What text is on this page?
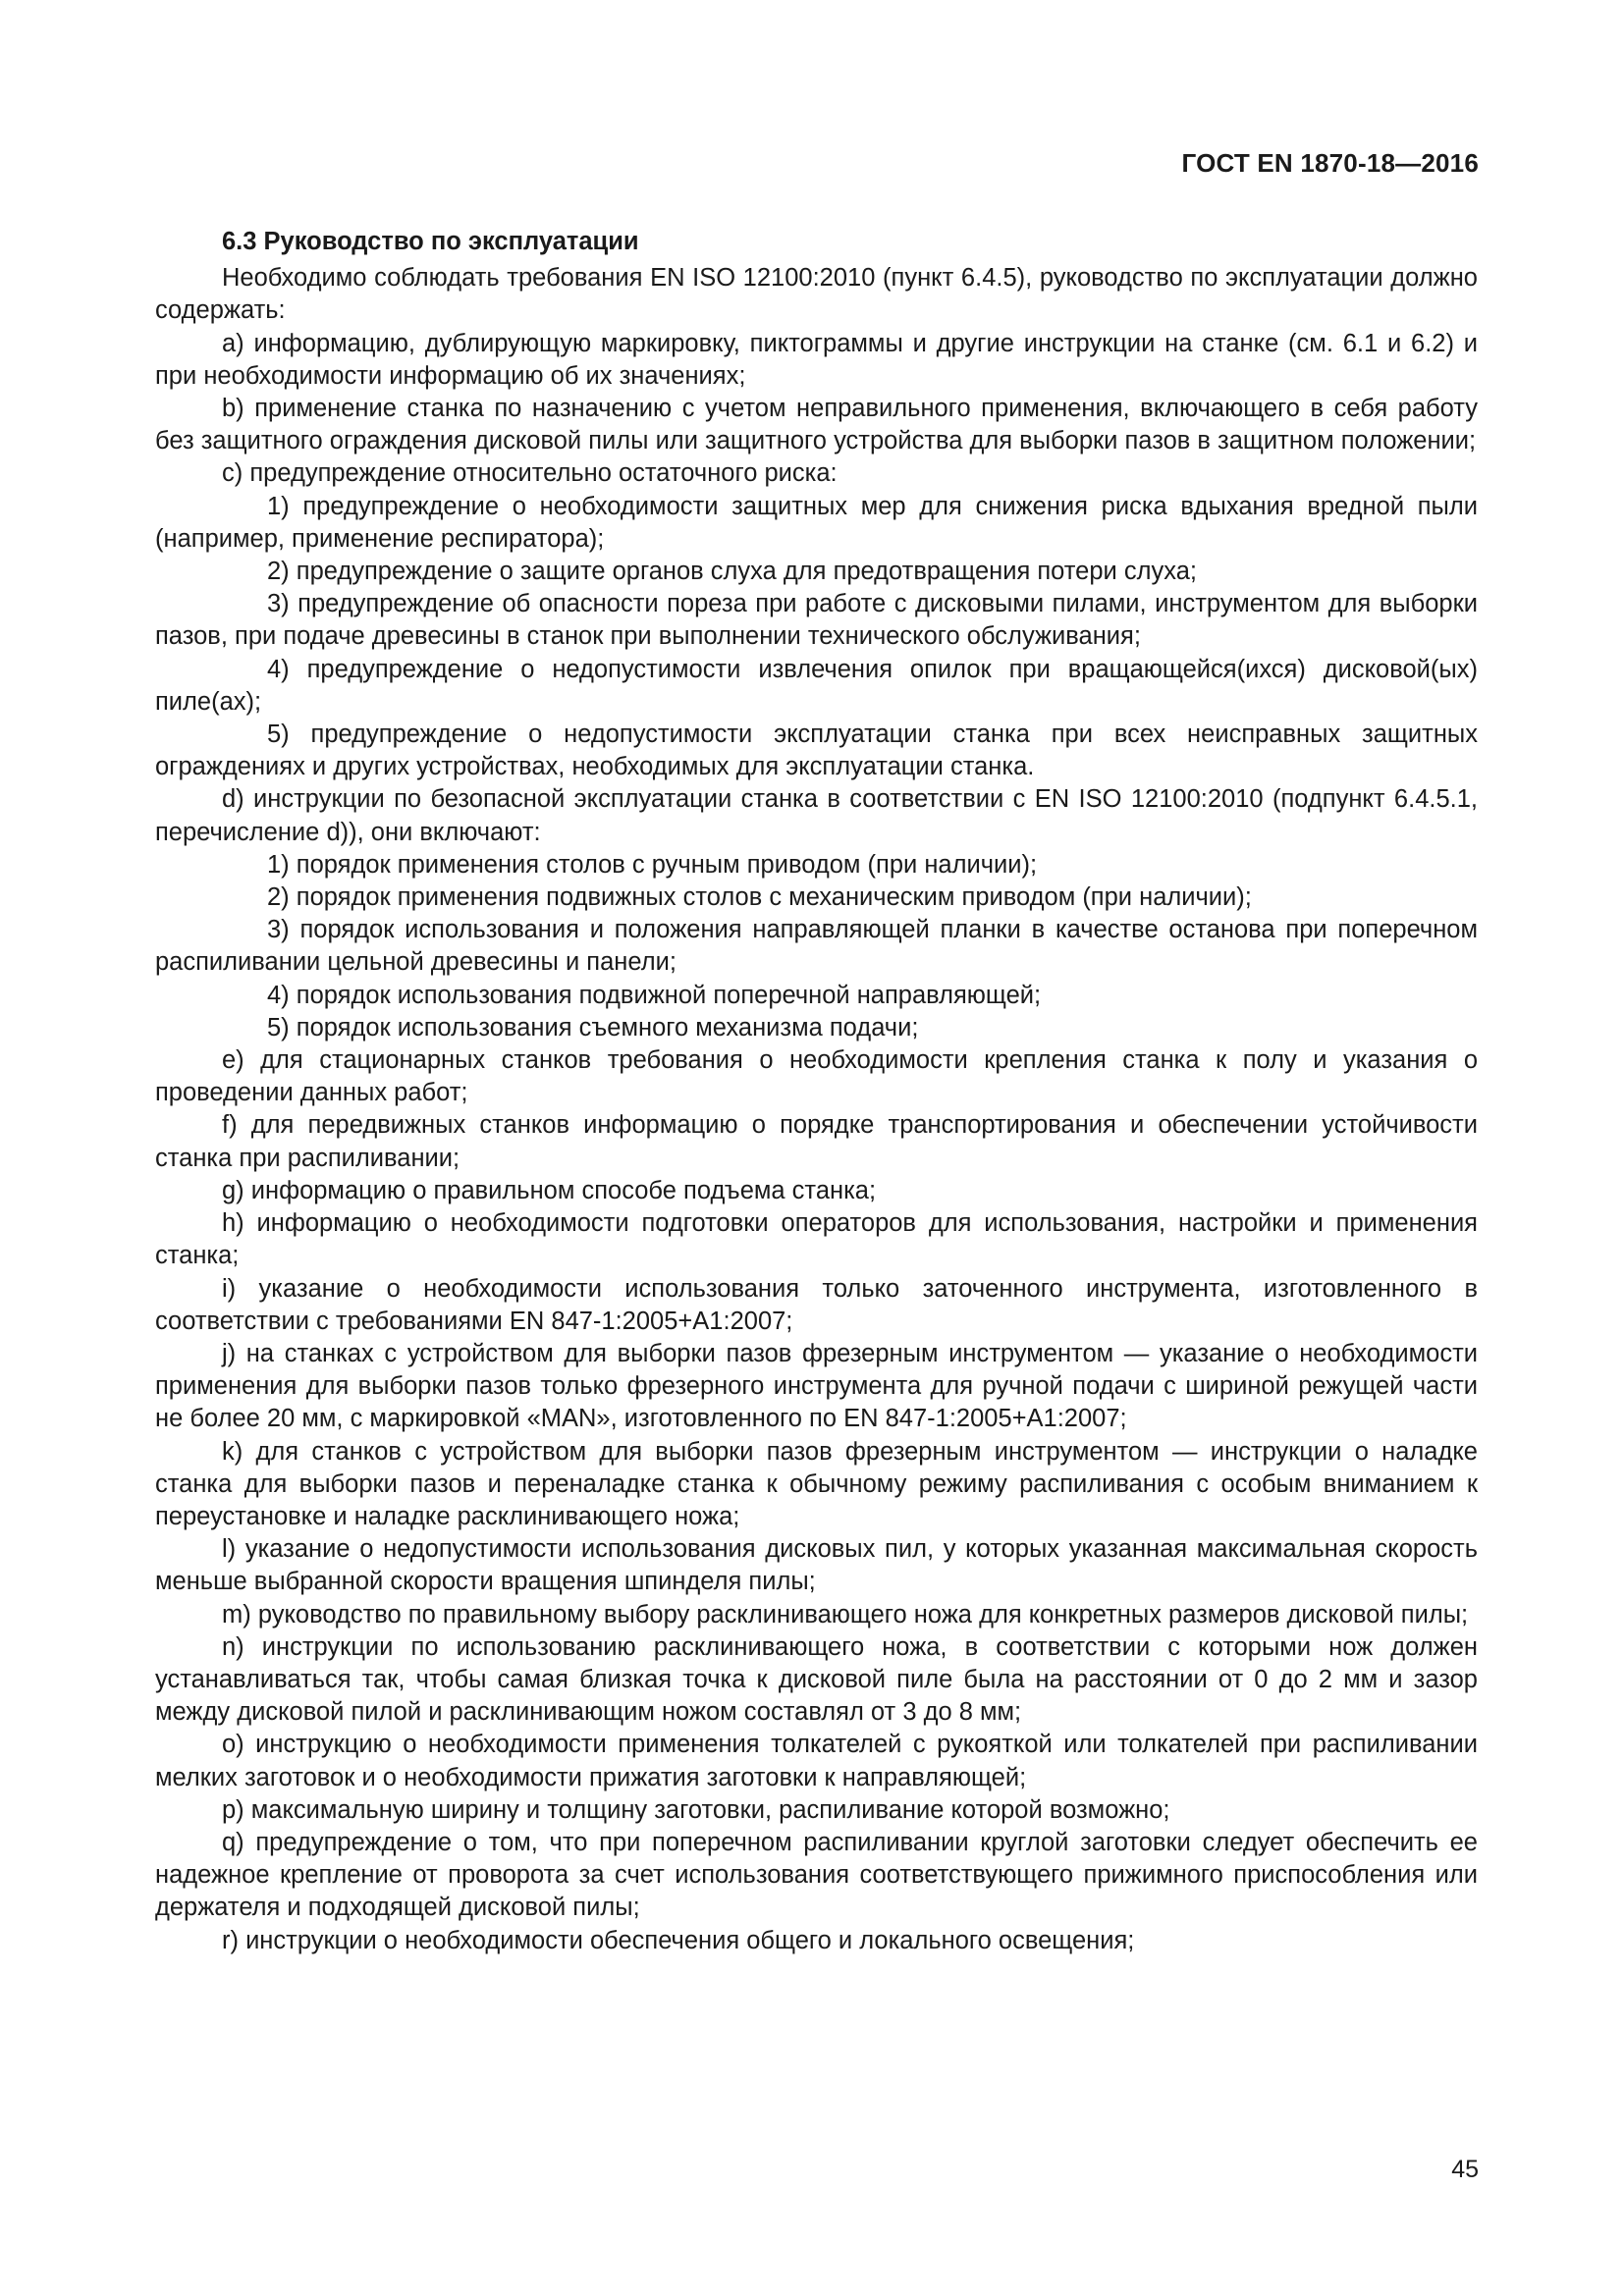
ГОСТ EN 1870-18—2016
6.3 Руководство по эксплуатации

Необходимо соблюдать требования EN ISO 12100:2010 (пункт 6.4.5), руководство по эксплуатации должно содержать:

a) информацию, дублирующую маркировку, пиктограммы и другие инструкции на станке (см. 6.1 и 6.2) и при необходимости информацию об их значениях;

b) применение станка по назначению с учетом неправильного применения, включающего в себя работу без защитного ограждения дисковой пилы или защитного устройства для выборки пазов в защитном положении;

c) предупреждение относительно остаточного риска:

1) предупреждение о необходимости защитных мер для снижения риска вдыхания вредной пыли (например, применение респиратора);

2) предупреждение о защите органов слуха для предотвращения потери слуха;

3) предупреждение об опасности пореза при работе с дисковыми пилами, инструментом для выборки пазов, при подаче древесины в станок при выполнении технического обслуживания;

4) предупреждение о недопустимости извлечения опилок при вращающейся(ихся) дисковой(ых) пиле(ах);

5) предупреждение о недопустимости эксплуатации станка при всех неисправных защитных ограждениях и других устройствах, необходимых для эксплуатации станка.

d) инструкции по безопасной эксплуатации станка в соответствии с EN ISO 12100:2010 (подпункт 6.4.5.1, перечисление d)), они включают:

1) порядок применения столов с ручным приводом (при наличии);

2) порядок применения подвижных столов с механическим приводом (при наличии);

3) порядок использования и положения направляющей планки в качестве останова при поперечном распиливании цельной древесины и панели;

4) порядок использования подвижной поперечной направляющей;

5) порядок использования съемного механизма подачи;

e) для стационарных станков требования о необходимости крепления станка к полу и указания о проведении данных работ;

f) для передвижных станков информацию о порядке транспортирования и обеспечении устойчивости станка при распиливании;

g) информацию о правильном способе подъема станка;

h) информацию о необходимости подготовки операторов для использования, настройки и применения станка;

i) указание о необходимости использования только заточенного инструмента, изготовленного в соответствии с требованиями EN 847-1:2005+A1:2007;

j) на станках с устройством для выборки пазов фрезерным инструментом — указание о необходимости применения для выборки пазов только фрезерного инструмента для ручной подачи с шириной режущей части не более 20 мм, с маркировкой «MAN», изготовленного по EN 847-1:2005+A1:2007;

k) для станков с устройством для выборки пазов фрезерным инструментом — инструкции о наладке станка для выборки пазов и переналадке станка к обычному режиму распиливания с особым вниманием к переустановке и наладке расклинивающего ножа;

l) указание о недопустимости использования дисковых пил, у которых указанная максимальная скорость меньше выбранной скорости вращения шпинделя пилы;

m) руководство по правильному выбору расклинивающего ножа для конкретных размеров дисковой пилы;

n) инструкции по использованию расклинивающего ножа, в соответствии с которыми нож должен устанавливаться так, чтобы самая близкая точка к дисковой пиле была на расстоянии от 0 до 2 мм и зазор между дисковой пилой и расклинивающим ножом составлял от 3 до 8 мм;

o) инструкцию о необходимости применения толкателей с рукояткой или толкателей при распиливании мелких заготовок и о необходимости прижатия заготовки к направляющей;

p) максимальную ширину и толщину заготовки, распиливание которой возможно;

q) предупреждение о том, что при поперечном распиливании круглой заготовки следует обеспечить ее надежное крепление от проворота за счет использования соответствующего прижимного приспособления или держателя и подходящей дисковой пилы;

r) инструкции о необходимости обеспечения общего и локального освещения;

45
